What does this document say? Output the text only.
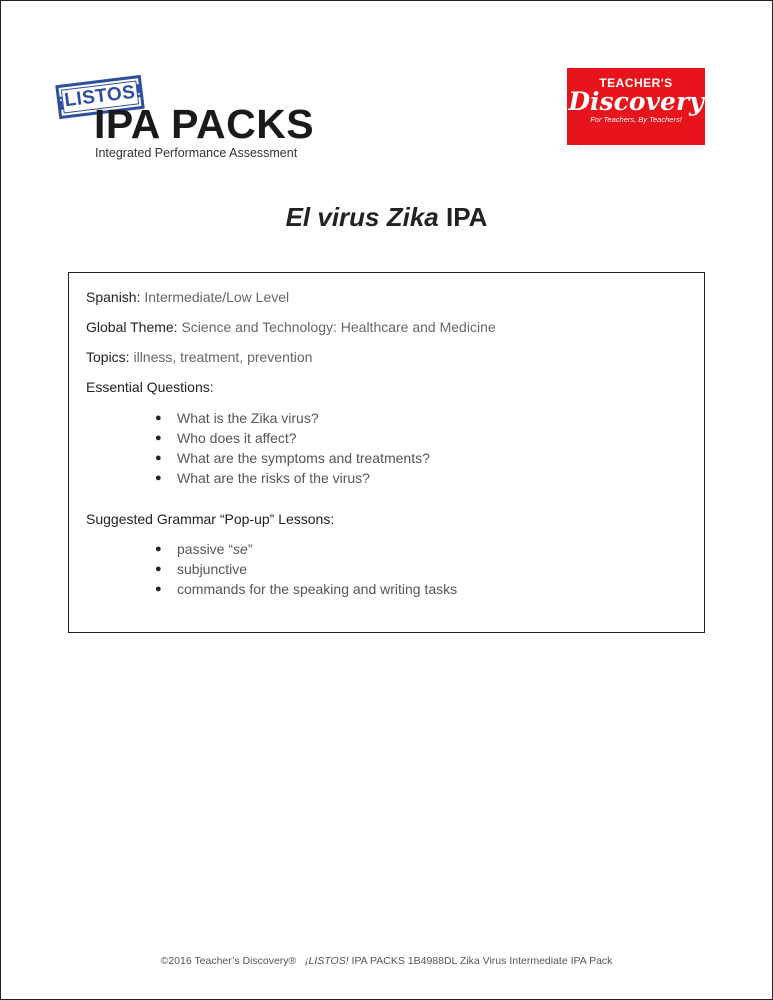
¡LISTOS!
IPA PACKS
Integrated Performance Assessment
TEACHER'S
Discovery
For Teachers, By Teachers!
El virus Zika IPA
Spanish: Intermediate/Low Level
Global Theme: Science and Technology: Healthcare and Medicine
Topics: illness, treatment, prevention
Essential Questions:
● What is the Zika virus?
● Who does it affect?
● What are the symptoms and treatments?
● What are the risks of the virus?
Suggested Grammar “Pop-up” Lessons:
● passive “se”
● subjunctive
● commands for the speaking and writing tasks
©2016 Teacher’s Discovery® ¡LISTOS! IPA PACKS 1B4988DL Zika Virus Intermediate IPA Pack
